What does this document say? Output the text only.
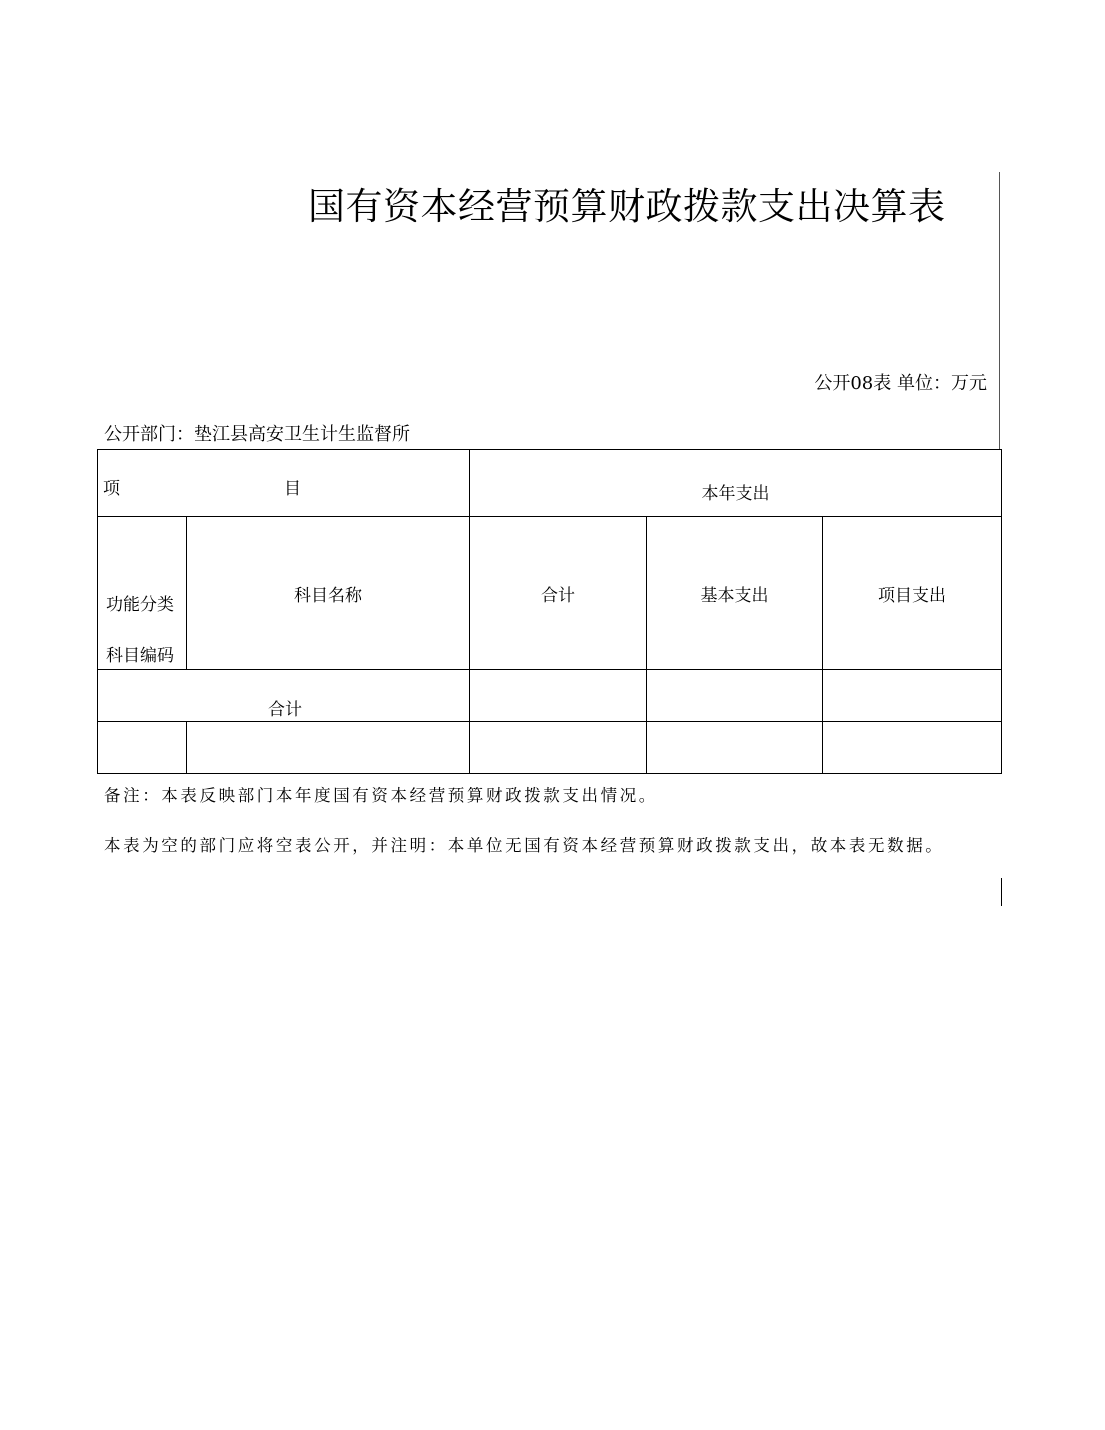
国有资本经营预算财政拨款支出决算表
公开08表 单位：万元
公开部门：垫江县高安卫生计生监督所
项 目		本年支出		

功能分类
科目编码	科目名称	合计	基本支出	项目支出

合计				

备注：本表反映部门本年度国有资本经营预算财政拨款支出情况。
本表为空的部门应将空表公开，并注明：本单位无国有资本经营预算财政拨款支出，故本表无数据。
